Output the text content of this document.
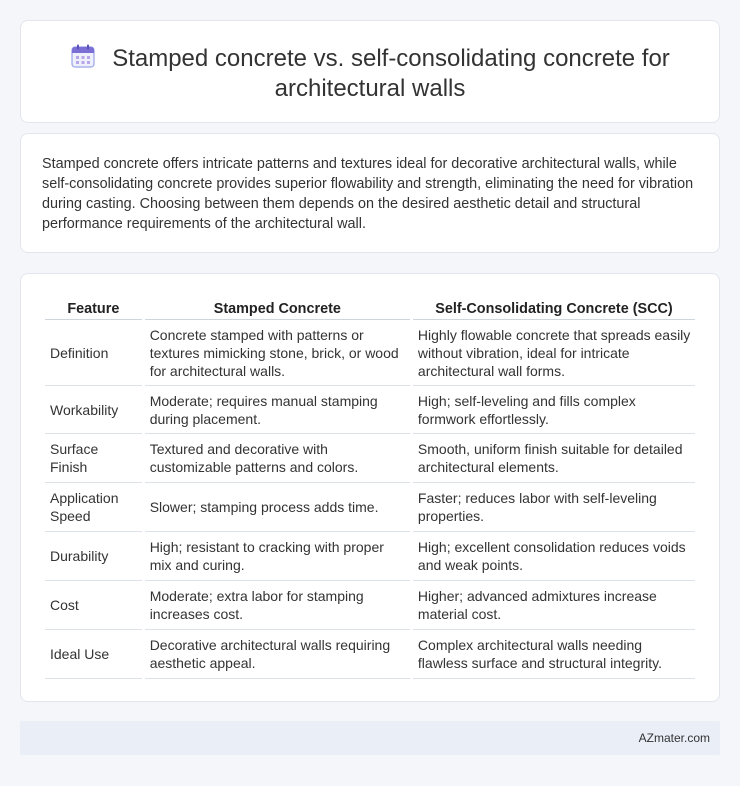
Stamped concrete vs. self-consolidating concrete for architectural walls

Stamped concrete offers intricate patterns and textures ideal for decorative architectural walls, while self-consolidating concrete provides superior flowability and strength, eliminating the need for vibration during casting. Choosing between them depends on the desired aesthetic detail and structural performance requirements of the architectural wall.

Feature	Stamped Concrete	Self-Consolidating Concrete (SCC)
Definition	Concrete stamped with patterns or textures mimicking stone, brick, or wood for architectural walls.	Highly flowable concrete that spreads easily without vibration, ideal for intricate architectural wall forms.
Workability	Moderate; requires manual stamping during placement.	High; self-leveling and fills complex formwork effortlessly.
Surface Finish	Textured and decorative with customizable patterns and colors.	Smooth, uniform finish suitable for detailed architectural elements.
Application Speed	Slower; stamping process adds time.	Faster; reduces labor with self-leveling properties.
Durability	High; resistant to cracking with proper mix and curing.	High; excellent consolidation reduces voids and weak points.
Cost	Moderate; extra labor for stamping increases cost.	Higher; advanced admixtures increase material cost.
Ideal Use	Decorative architectural walls requiring aesthetic appeal.	Complex architectural walls needing flawless surface and structural integrity.
AZmater.com
